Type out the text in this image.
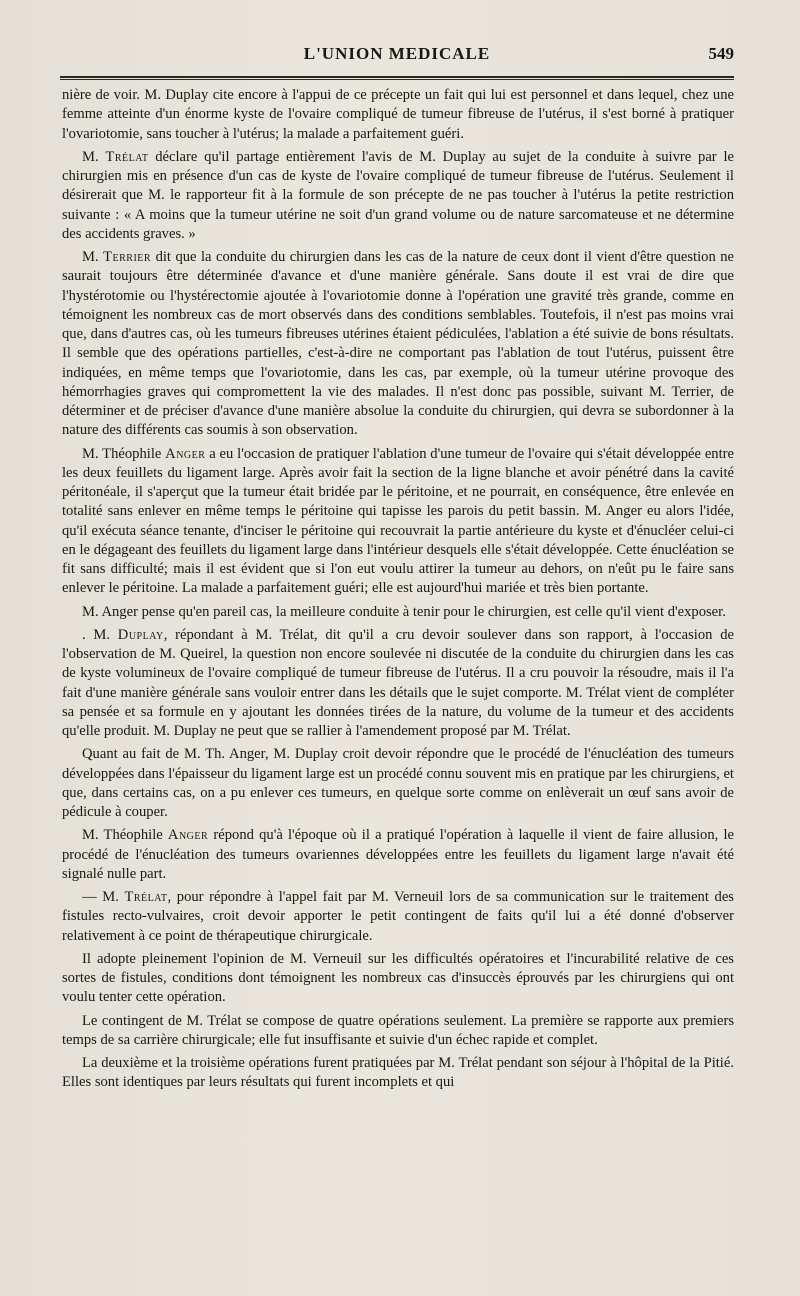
L'UNION MEDICALE	549

nière de voir. M. Duplay cite encore à l'appui de ce précepte un fait qui lui est personnel et dans lequel, chez une femme atteinte d'un énorme kyste de l'ovaire compliqué de tumeur fibreuse de l'utérus, il s'est borné à pratiquer l'ovariotomie, sans toucher à l'utérus; la malade a parfaitement guéri.

M. Trélat déclare qu'il partage entièrement l'avis de M. Duplay au sujet de la conduite à suivre par le chirurgien mis en présence d'un cas de kyste de l'ovaire compliqué de tumeur fibreuse de l'utérus. Seulement il désirerait que M. le rapporteur fit à la formule de son précepte de ne pas toucher à l'utérus la petite restriction suivante : « A moins que la tumeur utérine ne soit d'un grand volume ou de nature sarcomateuse et ne détermine des accidents graves. »

M. Terrier dit que la conduite du chirurgien dans les cas de la nature de ceux dont il vient d'être question ne saurait toujours être déterminée d'avance et d'une manière générale. Sans doute il est vrai de dire que l'hystérotomie ou l'hystérectomie ajoutée à l'ovariotomie donne à l'opération une gravité très grande, comme en témoignent les nombreux cas de mort observés dans des conditions semblables. Toutefois, il n'est pas moins vrai que, dans d'autres cas, où les tumeurs fibreuses utérines étaient pédiculées, l'ablation a été suivie de bons résultats. Il semble que des opérations partielles, c'est-à-dire ne comportant pas l'ablation de tout l'utérus, puissent être indiquées, en même temps que l'ovariotomie, dans les cas, par exemple, où la tumeur utérine provoque des hémorrhagies graves qui compromettent la vie des malades. Il n'est donc pas possible, suivant M. Terrier, de déterminer et de préciser d'avance d'une manière absolue la conduite du chirurgien, qui devra se subordonner à la nature des différents cas soumis à son observation.

M. Théophile Anger a eu l'occasion de pratiquer l'ablation d'une tumeur de l'ovaire qui s'était développée entre les deux feuillets du ligament large. Après avoir fait la section de la ligne blanche et avoir pénétré dans la cavité péritonéale, il s'aperçut que la tumeur était bridée par le péritoine, et ne pourrait, en conséquence, être enlevée en totalité sans enlever en même temps le péritoine qui tapisse les parois du petit bassin. M. Anger eu alors l'idée, qu'il exécuta séance tenante, d'inciser le péritoine qui recouvrait la partie antérieure du kyste et d'énucléer celui-ci en le dégageant des feuillets du ligament large dans l'intérieur desquels elle s'était développée. Cette énucléation se fit sans difficulté; mais il est évident que si l'on eut voulu attirer la tumeur au dehors, on n'eût pu le faire sans enlever le péritoine. La malade a parfaitement guéri; elle est aujourd'hui mariée et très bien portante.

M. Anger pense qu'en pareil cas, la meilleure conduite à tenir pour le chirurgien, est celle qu'il vient d'exposer.

. M. Duplay, répondant à M. Trélat, dit qu'il a cru devoir soulever dans son rapport, à l'occasion de l'observation de M. Queirel, la question non encore soulevée ni discutée de la conduite du chirurgien dans les cas de kyste volumineux de l'ovaire compliqué de tumeur fibreuse de l'utérus. Il a cru pouvoir la résoudre, mais il l'a fait d'une manière générale sans vouloir entrer dans les détails que le sujet comporte. M. Trélat vient de compléter sa pensée et sa formule en y ajoutant les données tirées de la nature, du volume de la tumeur et des accidents qu'elle produit. M. Duplay ne peut que se rallier à l'amendement proposé par M. Trélat.

Quant au fait de M. Th. Anger, M. Duplay croit devoir répondre que le procédé de l'énucléation des tumeurs développées dans l'épaisseur du ligament large est un procédé connu souvent mis en pratique par les chirurgiens, et que, dans certains cas, on a pu enlever ces tumeurs, en quelque sorte comme on enlèverait un œuf sans avoir de pédicule à couper.

M. Théophile Anger répond qu'à l'époque où il a pratiqué l'opération à laquelle il vient de faire allusion, le procédé de l'énucléation des tumeurs ovariennes développées entre les feuillets du ligament large n'avait été signalé nulle part.

— M. Trélat, pour répondre à l'appel fait par M. Verneuil lors de sa communication sur le traitement des fistules recto-vulvaires, croit devoir apporter le petit contingent de faits qu'il lui a été donné d'observer relativement à ce point de thérapeutique chirurgicale.

Il adopte pleinement l'opinion de M. Verneuil sur les difficultés opératoires et l'incurabilité relative de ces sortes de fistules, conditions dont témoignent les nombreux cas d'insuccès éprouvés par les chirurgiens qui ont voulu tenter cette opération.

Le contingent de M. Trélat se compose de quatre opérations seulement. La première se rapporte aux premiers temps de sa carrière chirurgicale; elle fut insuffisante et suivie d'un échec rapide et complet.

La deuxième et la troisième opérations furent pratiquées par M. Trélat pendant son séjour à l'hôpital de la Pitié. Elles sont identiques par leurs résultats qui furent incomplets et qui
